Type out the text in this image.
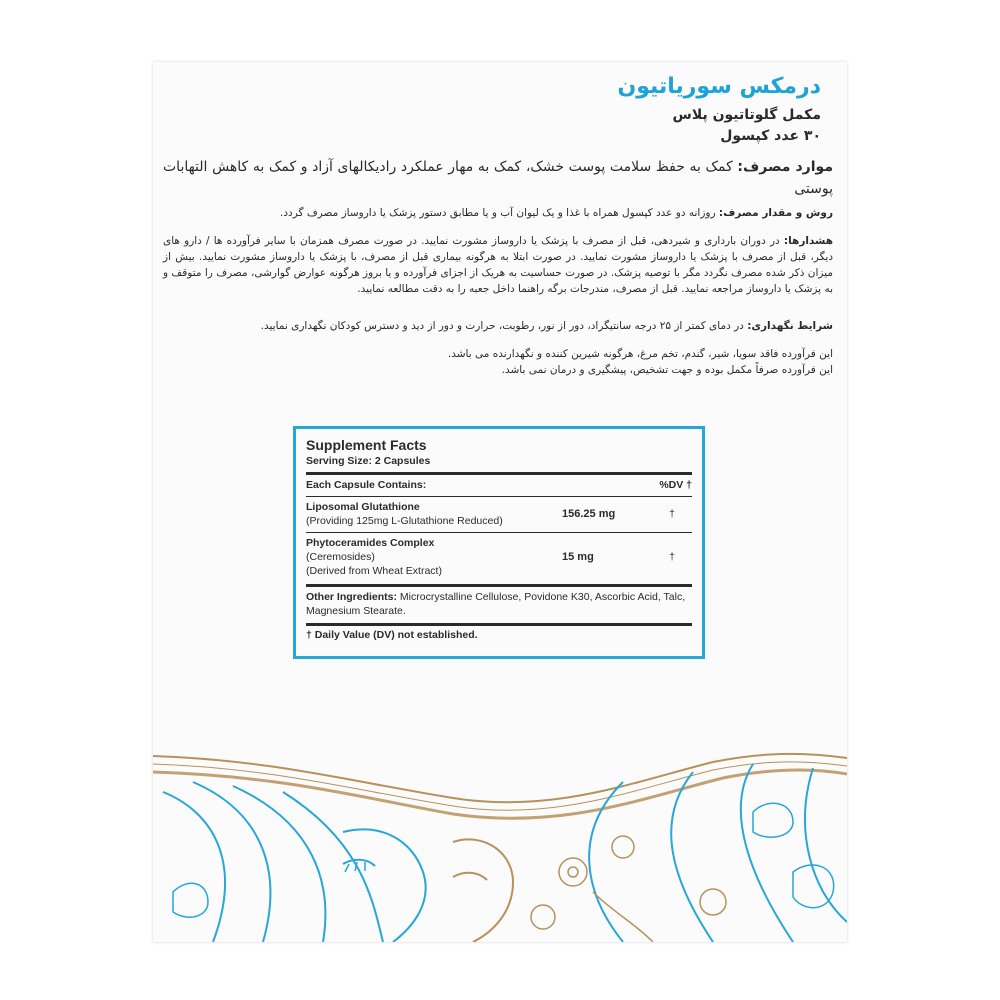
درمکس سوریاتیون
مکمل گلوتاتیون پلاس
۳۰ عدد کپسول
موارد مصرف: کمک به حفظ سلامت پوست خشک، کمک به مهار عملکرد رادیکالهای آزاد و کمک به کاهش التهابات پوستی
روش و مقدار مصرف: روزانه دو عدد کپسول همراه با غذا و یک لیوان آب و یا مطابق دستور پزشک یا داروساز مصرف گردد.
هشدارها: در دوران بارداری و شیردهی، قبل از مصرف با پزشک یا داروساز مشورت نمایید. در صورت مصرف همزمان با سایر فرآورده ها / دارو های دیگر، قبل از مصرف با پزشک یا داروساز مشورت نمایید. در صورت ابتلا به هرگونه بیماری قبل از مصرف، با پزشک یا داروساز مشورت نمایید. بیش از میزان ذکر شده مصرف نگردد مگر با توصیه پزشک. در صورت حساسیت به هریک از اجزای فرآورده و یا بروز هرگونه عوارض گوارشی، مصرف را متوقف و به پزشک یا داروساز مراجعه نمایید. قبل از مصرف، مندرجات برگه راهنما داخل جعبه را به دقت مطالعه نمایید.
شرایط نگهداری: در دمای کمتر از ۲۵ درجه سانتیگراد، دور از نور، رطوبت، حرارت و دور از دید و دسترس کودکان نگهداری نمایید.
این فرآورده فاقد سویا، شیر، گندم، تخم مرغ، هرگونه شیرین کننده و نگهدارنده می باشد.
این فرآورده صرفاً مکمل بوده و جهت تشخیص، پیشگیری و درمان نمی باشد.
Supplement Facts
Serving Size: 2 Capsules
Each Capsule Contains:	%DV †
Liposomal Glutathione
(Providing 125mg L-Glutathione Reduced)
156.25 mg	†
Phytoceramides Complex
(Ceremosides)
(Derived from Wheat Extract)
15 mg	†
Other Ingredients: Microcrystalline Cellulose, Povidone K30, Ascorbic Acid, Talc, Magnesium Stearate.
† Daily Value (DV) not established.
